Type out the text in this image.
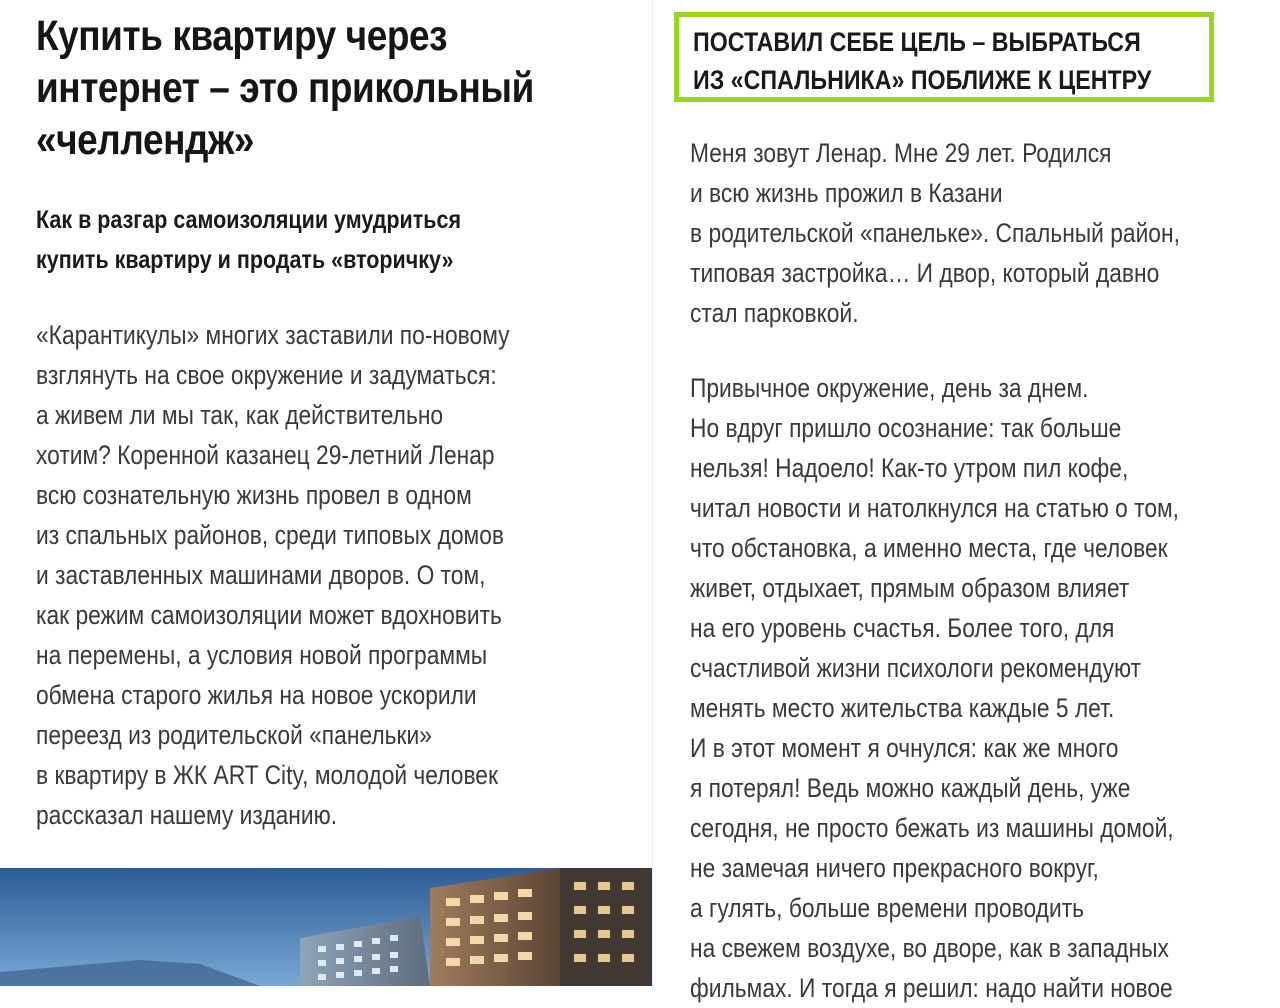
Купить квартиру через
интернет – это прикольный
«челлендж»

Как в разгар самоизоляции умудриться
купить квартиру и продать «вторичку»

«Карантикулы» многих заставили по-новому
взглянуть на свое окружение и задуматься:
а живем ли мы так, как действительно
хотим? Коренной казанец 29-летний Ленар
всю сознательную жизнь провел в одном
из спальных районов, среди типовых домов
и заставленных машинами дворов. О том,
как режим самоизоляции может вдохновить
на перемены, а условия новой программы
обмена старого жилья на новое ускорили
переезд из родительской «панельки»
в квартиру в ЖК ART City, молодой человек
рассказал нашему изданию.

ПОСТАВИЛ СЕБЕ ЦЕЛЬ – ВЫБРАТЬСЯ
ИЗ «СПАЛЬНИКА» ПОБЛИЖЕ К ЦЕНТРУ

Меня зовут Ленар. Мне 29 лет. Родился
и всю жизнь прожил в Казани
в родительской «панельке». Спальный район,
типовая застройка… И двор, который давно
стал парковкой.

Привычное окружение, день за днем.
Но вдруг пришло осознание: так больше
нельзя! Надоело! Как-то утром пил кофе,
читал новости и натолкнулся на статью о том,
что обстановка, а именно места, где человек
живет, отдыхает, прямым образом влияет
на его уровень счастья. Более того, для
счастливой жизни психологи рекомендуют
менять место жительства каждые 5 лет.
И в этот момент я очнулся: как же много
я потерял! Ведь можно каждый день, уже
сегодня, не просто бежать из машины домой,
не замечая ничего прекрасного вокруг,
а гулять, больше времени проводить
на свежем воздухе, во дворе, как в западных
фильмах. И тогда я решил: надо найти новое
